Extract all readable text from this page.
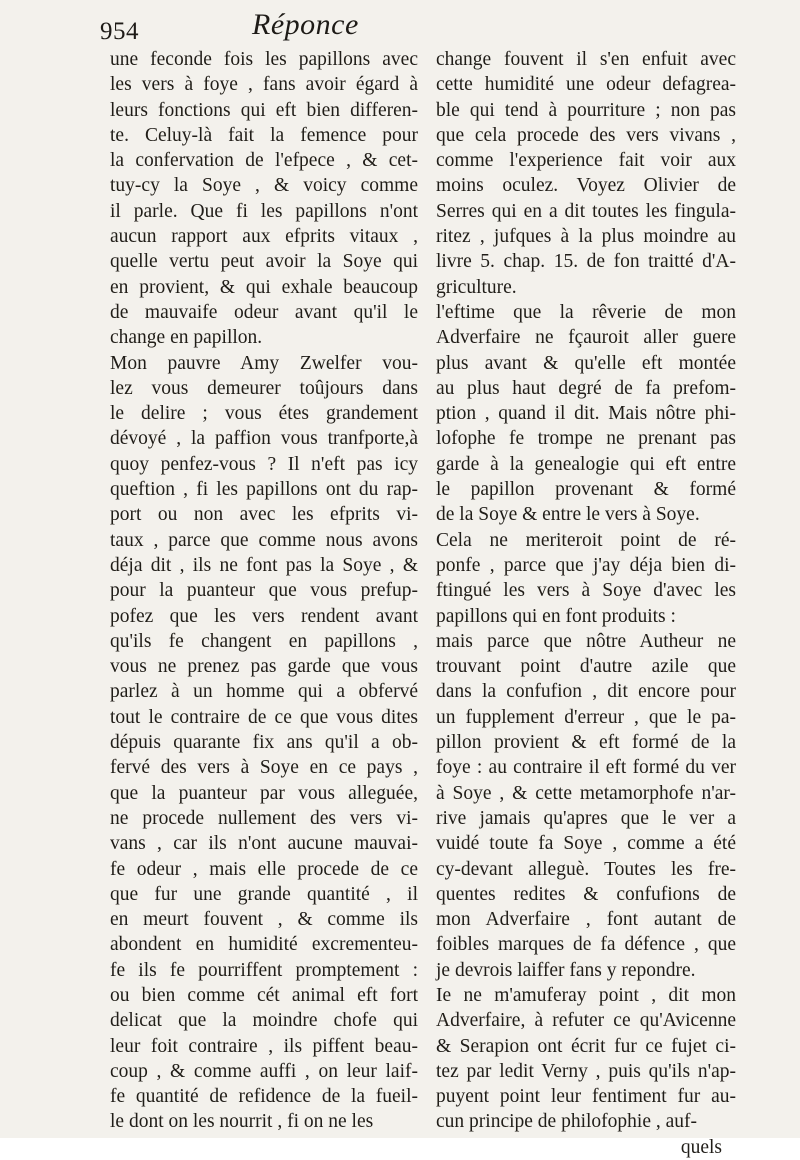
954	Réponce
une feconde fois les papillons avec
les vers à foye , fans avoir égard à
leurs fonctions qui eft bien differen-
te. Celuy-là fait la femence pour
la confervation de l'efpece , & cet-
tuy-cy la Soye , & voicy comme
il parle. Que fi les papillons n'ont
aucun rapport aux efprits vitaux ,
quelle vertu peut avoir la Soye qui
en provient, & qui exhale beaucoup
de mauvaife odeur avant qu'il le
change en papillon.
Mon pauvre Amy Zwelfer vou-
lez vous demeurer toûjours dans
le delire ; vous étes grandement
dévoyé , la paffion vous tranfporte,à
quoy penfez-vous ? Il n'eft pas icy
queftion , fi les papillons ont du rap-
port ou non avec les efprits vi-
taux , parce que comme nous avons
déja dit , ils ne font pas la Soye , &
pour la puanteur que vous prefup-
pofez que les vers rendent avant
qu'ils fe changent en papillons ,
vous ne prenez pas garde que vous
parlez à un homme qui a obfervé
tout le contraire de ce que vous dites
dépuis quarante fix ans qu'il a ob-
fervé des vers à Soye en ce pays ,
que la puanteur par vous alleguée,
ne procede nullement des vers vi-
vans , car ils n'ont aucune mauvai-
fe odeur , mais elle procede de ce
que fur une grande quantité , il
en meurt fouvent , & comme ils
abondent en humidité excrementeu-
fe ils fe pourriffent promptement :
ou bien comme cét animal eft fort
delicat que la moindre chofe qui
leur foit contraire , ils piffent beau-
coup , & comme auffi , on leur laif-
fe quantité de refidence de la fueil-
le dont on les nourrit , fi on ne les
change fouvent il s'en enfuit avec
cette humidité une odeur defagrea-
ble qui tend à pourriture ; non pas
que cela procede des vers vivans ,
comme l'experience fait voir aux
moins oculez. Voyez Olivier de
Serres qui en a dit toutes les fingula-
ritez , jufques à la plus moindre au
livre 5. chap. 15. de fon traitté d'A-
griculture.
l'eftime que la rêverie de mon
Adverfaire ne fçauroit aller guere
plus avant & qu'elle eft montée
au plus haut degré de fa prefom-
ption , quand il dit. Mais nôtre phi-
lofophe fe trompe ne prenant pas
garde à la genealogie qui eft entre
le papillon provenant & formé
de la Soye & entre le vers à Soye.
Cela ne meriteroit point de ré-
ponfe , parce que j'ay déja bien di-
ftingué les vers à Soye d'avec les
papillons qui en font produits :
mais parce que nôtre Autheur ne
trouvant point d'autre azile que
dans la confufion , dit encore pour
un fupplement d'erreur , que le pa-
pillon provient & eft formé de la
foye : au contraire il eft formé du ver
à Soye , & cette metamorphofe n'ar-
rive jamais qu'apres que le ver a
vuidé toute fa Soye , comme a été
cy-devant alleguè. Toutes les fre-
quentes redites & confufions de
mon Adverfaire , font autant de
foibles marques de fa défence , que
je devrois laiffer fans y repondre.
Ie ne m'amuferay point , dit mon
Adverfaire, à refuter ce qu'Avicenne
& Serapion ont écrit fur ce fujet ci-
tez par ledit Verny , puis qu'ils n'ap-
puyent point leur fentiment fur au-
cun principe de philofophie , auf-
quels
